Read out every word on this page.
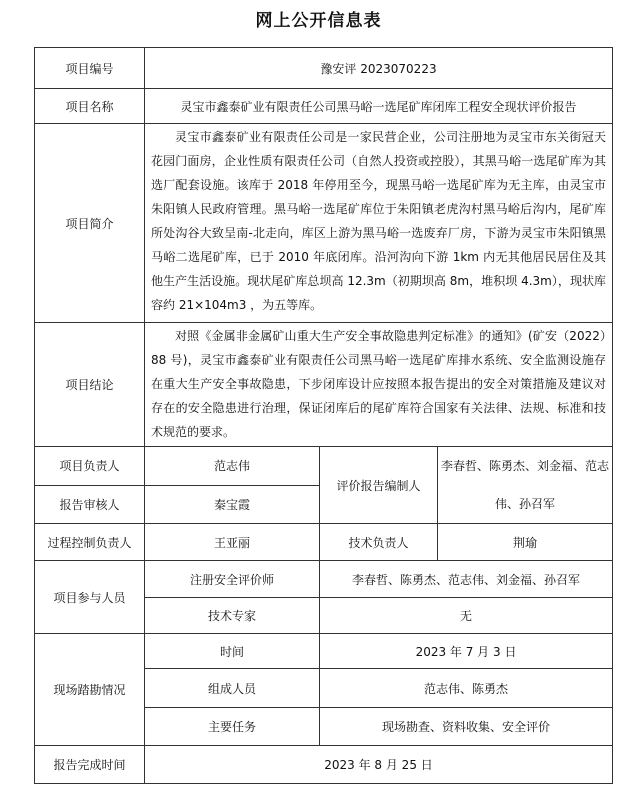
网上公开信息表
项目编号	豫安评 2023070223		
项目名称	灵宝市鑫泰矿业有限责任公司黑马峪一选尾矿库闭库工程安全现状评价报告		
项目简介	灵宝市鑫泰矿业有限责任公司是一家民营企业，公司注册地为灵宝市东关街冠天花园门面房，企业性质有限责任公司（自然人投资或控股），其黑马峪一选尾矿库为其选厂配套设施。该库于 2018 年停用至今，现黑马峪一选尾矿库为无主库，由灵宝市朱阳镇人民政府管理。黑马峪一选尾矿库位于朱阳镇老虎沟村黑马峪后沟内，尾矿库所处沟谷大致呈南-北走向，库区上游为黑马峪一选废弃厂房，下游为灵宝市朱阳镇黑马峪二选尾矿库，已于 2010 年底闭库。沿河沟向下游 1km 内无其他居民居住及其他生产生活设施。现状尾矿库总坝高 12.3m（初期坝高 8m，堆积坝 4.3m），现状库容约 21×104m3 ，为五等库。		

项目结论	对照《金属非金属矿山重大生产安全事故隐患判定标准》的通知》(矿安（2022）88 号)，灵宝市鑫泰矿业有限责任公司黑马峪一选尾矿库排水系统、安全监测设施存在重大生产安全事故隐患，下步闭库设计应按照本报告提出的安全对策措施及建议对存在的安全隐患进行治理，保证闭库后的尾矿库符合国家有关法律、法规、标准和技术规范的要求。		

项目负责人	范志伟	评价报告编制人	李春哲、陈勇杰、刘金福、范志伟、孙召军
报告审核人	秦宝霞		
过程控制负责人	王亚丽	技术负责人	荆瑜
项目参与人员	注册安全评价师	李春哲、陈勇杰、范志伟、刘金福、孙召军	
	技术专家	无	
现场踏勘情况	时间	2023 年 7 月 3 日	
	组成人员	范志伟、陈勇杰	
	主要任务	现场勘查、资料收集、安全评价	
报告完成时间	2023 年 8 月 25 日		
